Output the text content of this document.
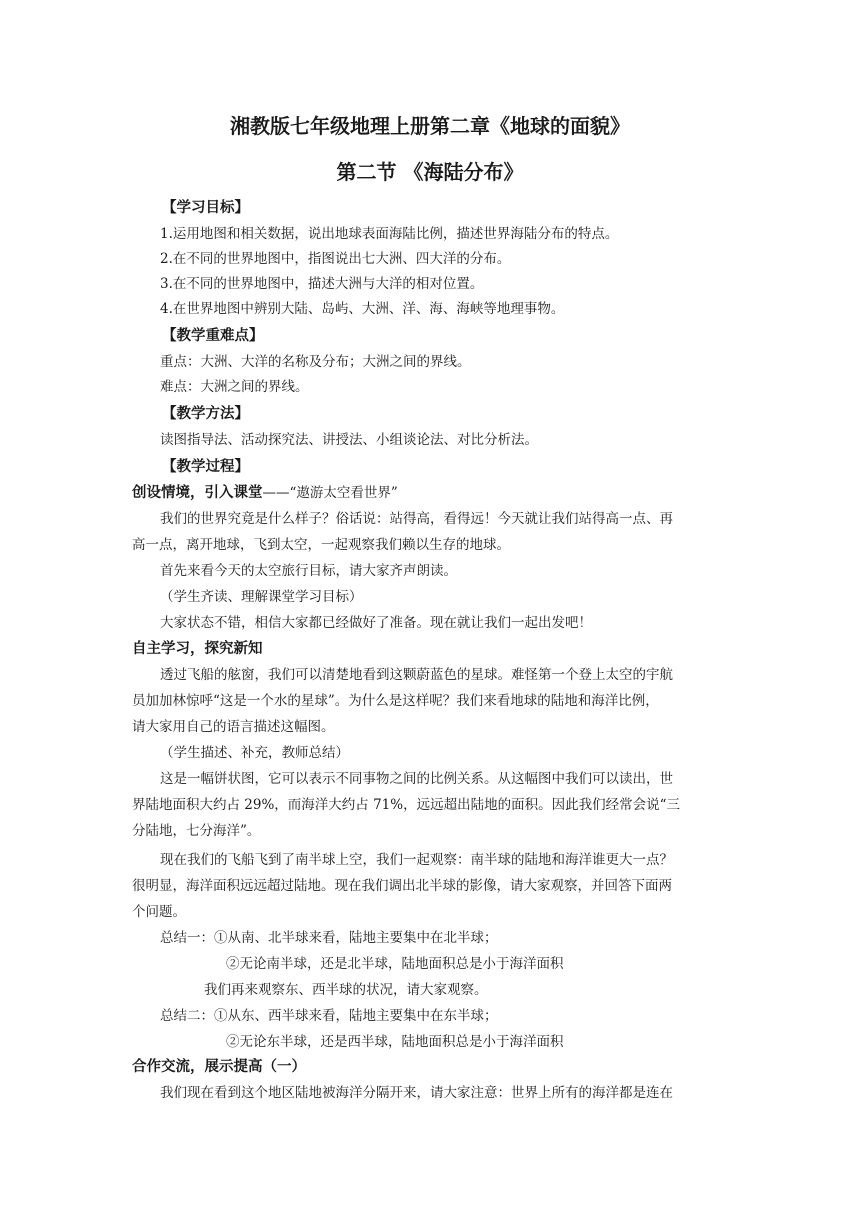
湘教版七年级地理上册第二章《地球的面貌》
第二节 《海陆分布》
【学习目标】
1.运用地图和相关数据，说出地球表面海陆比例，描述世界海陆分布的特点。
2.在不同的世界地图中，指图说出七大洲、四大洋的分布。
3.在不同的世界地图中，描述大洲与大洋的相对位置。
4.在世界地图中辨别大陆、岛屿、大洲、洋、海、海峡等地理事物。
【教学重难点】
重点：大洲、大洋的名称及分布；大洲之间的界线。
难点：大洲之间的界线。
【教学方法】
读图指导法、活动探究法、讲授法、小组谈论法、对比分析法。
【教学过程】
创设情境，引入课堂——“遨游太空看世界”
我们的世界究竟是什么样子？俗话说：站得高，看得远！今天就让我们站得高一点、再
高一点，离开地球，飞到太空，一起观察我们赖以生存的地球。
首先来看今天的太空旅行目标，请大家齐声朗读。
（学生齐读、理解课堂学习目标）
大家状态不错，相信大家都已经做好了准备。现在就让我们一起出发吧！
自主学习，探究新知
透过飞船的舷窗，我们可以清楚地看到这颗蔚蓝色的星球。难怪第一个登上太空的宇航
员加加林惊呼“这是一个水的星球”。为什么是这样呢？我们来看地球的陆地和海洋比例，
请大家用自己的语言描述这幅图。
（学生描述、补充，教师总结）
这是一幅饼状图，它可以表示不同事物之间的比例关系。从这幅图中我们可以读出，世
界陆地面积大约占 29%，而海洋大约占 71%，远远超出陆地的面积。因此我们经常会说“三
分陆地，七分海洋”。
现在我们的飞船飞到了南半球上空，我们一起观察：南半球的陆地和海洋谁更大一点？
很明显，海洋面积远远超过陆地。现在我们调出北半球的影像，请大家观察，并回答下面两
个问题。
总结一：①从南、北半球来看，陆地主要集中在北半球；
②无论南半球，还是北半球，陆地面积总是小于海洋面积
我们再来观察东、西半球的状况，请大家观察。
总结二：①从东、西半球来看，陆地主要集中在东半球；
②无论东半球，还是西半球，陆地面积总是小于海洋面积
合作交流，展示提高（一）
我们现在看到这个地区陆地被海洋分隔开来，请大家注意：世界上所有的海洋都是连在
